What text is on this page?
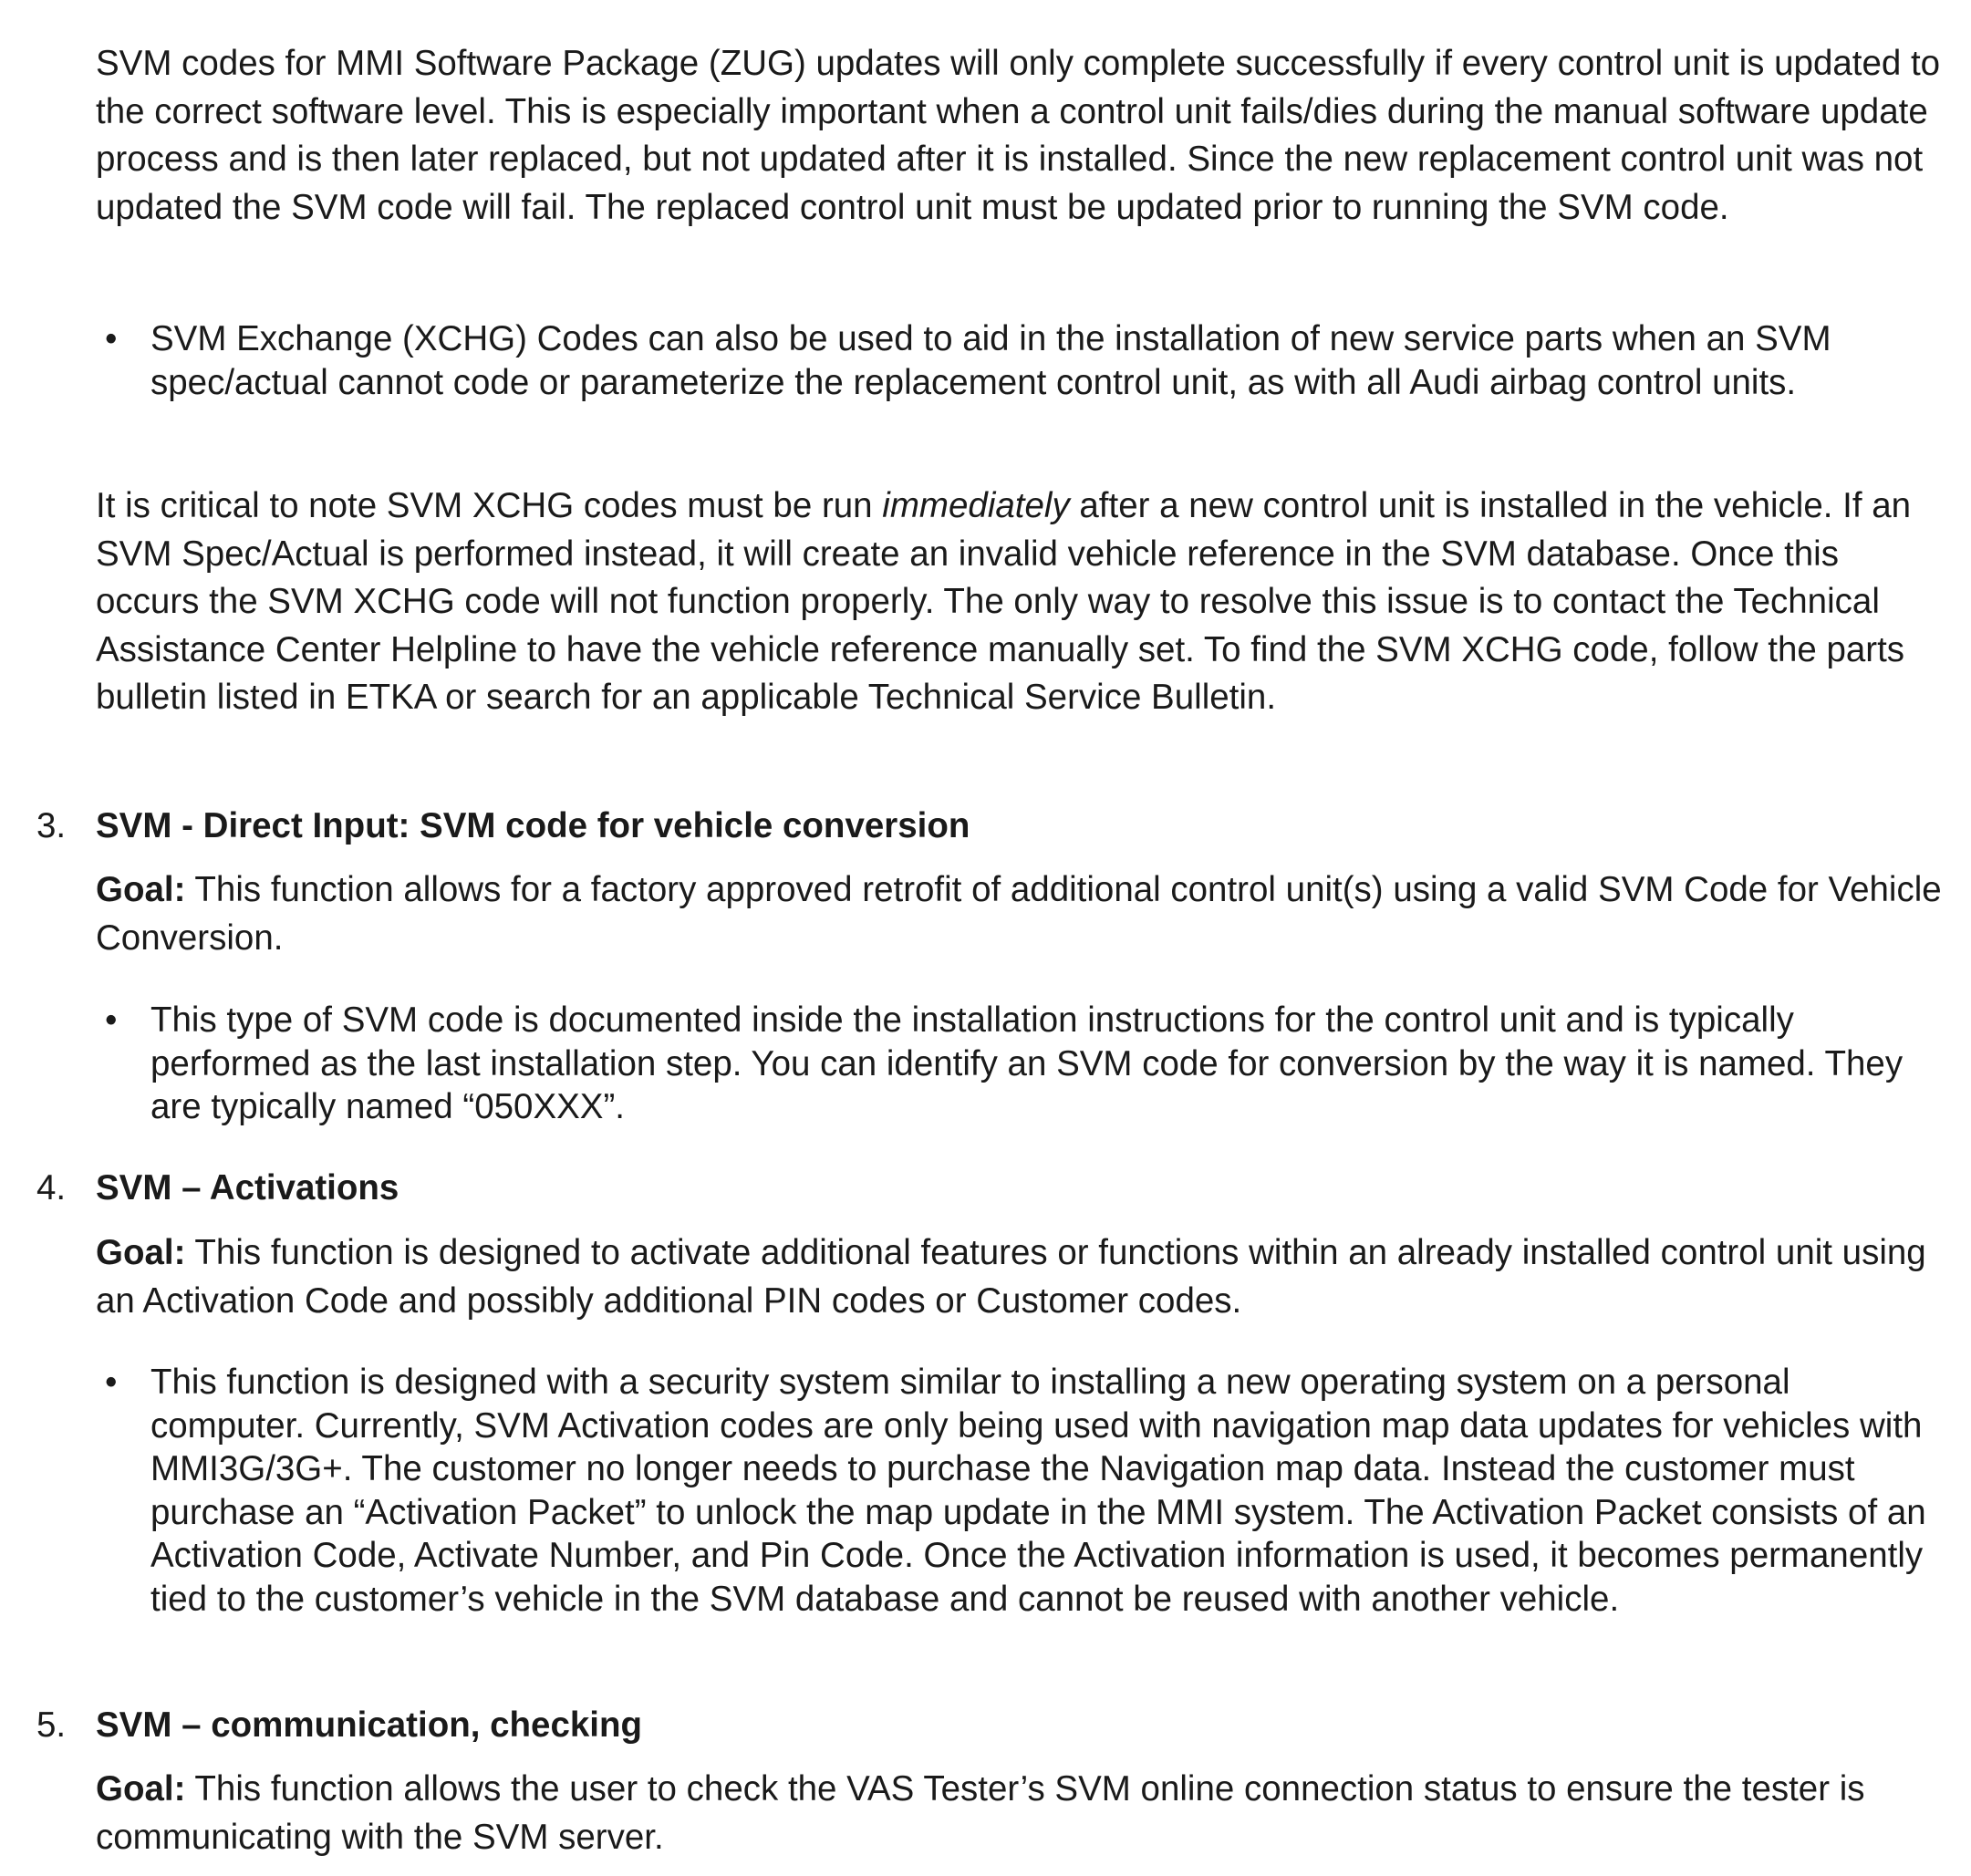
SVM codes for MMI Software Package (ZUG) updates will only complete successfully if every control unit is updated to the correct software level. This is especially important when a control unit fails/dies during the manual software update process and is then later replaced, but not updated after it is installed. Since the new replacement control unit was not updated the SVM code will fail. The replaced control unit must be updated prior to running the SVM code.

• SVM Exchange (XCHG) Codes can also be used to aid in the installation of new service parts when an SVM spec/actual cannot code or parameterize the replacement control unit, as with all Audi airbag control units.

It is critical to note SVM XCHG codes must be run immediately after a new control unit is installed in the vehicle. If an SVM Spec/Actual is performed instead, it will create an invalid vehicle reference in the SVM database. Once this occurs the SVM XCHG code will not function properly. The only way to resolve this issue is to contact the Technical Assistance Center Helpline to have the vehicle reference manually set. To find the SVM XCHG code, follow the parts bulletin listed in ETKA or search for an applicable Technical Service Bulletin.

3. SVM - Direct Input: SVM code for vehicle conversion

Goal: This function allows for a factory approved retrofit of additional control unit(s) using a valid SVM Code for Vehicle Conversion.

• This type of SVM code is documented inside the installation instructions for the control unit and is typically performed as the last installation step. You can identify an SVM code for conversion by the way it is named. They are typically named “050XXX”.
4. SVM – Activations

Goal: This function is designed to activate additional features or functions within an already installed control unit using an Activation Code and possibly additional PIN codes or Customer codes.

• This function is designed with a security system similar to installing a new operating system on a personal computer. Currently, SVM Activation codes are only being used with navigation map data updates for vehicles with MMI3G/3G+. The customer no longer needs to purchase the Navigation map data. Instead the customer must purchase an “Activation Packet” to unlock the map update in the MMI system. The Activation Packet consists of an Activation Code, Activate Number, and Pin Code. Once the Activation information is used, it becomes permanently tied to the customer’s vehicle in the SVM database and cannot be reused with another vehicle.
5. SVM – communication, checking

Goal: This function allows the user to check the VAS Tester’s SVM online connection status to ensure the tester is communicating with the SVM server.
